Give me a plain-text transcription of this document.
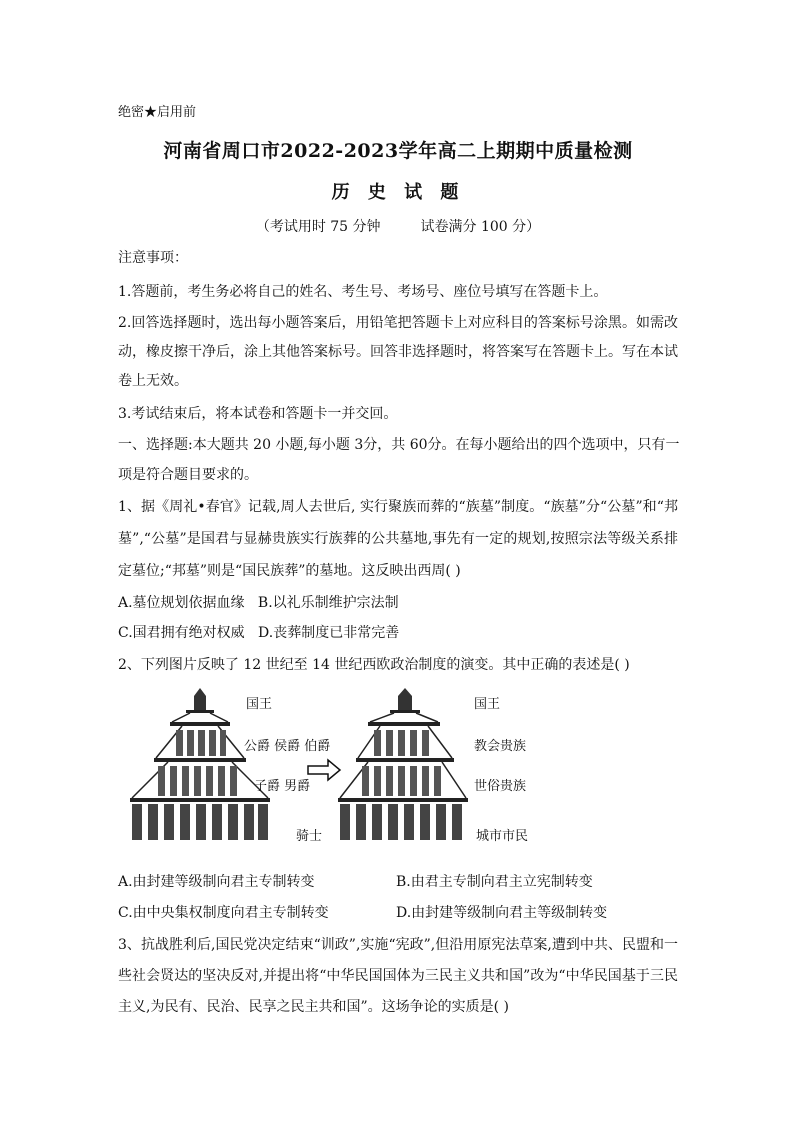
绝密★启用前
河南省周口市2022-2023学年高二上期期中质量检测
历 史 试 题
（考试用时 75 分钟	试卷满分 100 分）
注意事项：
1.答题前，考生务必将自己的姓名、考生号、考场号、座位号填写在答题卡上。
2.回答选择题时，选出每小题答案后，用铅笔把答题卡上对应科目的答案标号涂黑。如需改
动，橡皮擦干净后，涂上其他答案标号。回答非选择题时，将答案写在答题卡上。写在本试
卷上无效。
3.考试结束后，将本试卷和答题卡一并交回。
一、选择题:本大题共 20 小题,每小题 3分，共 60分。在每小题给出的四个选项中，只有一
项是符合题目要求的。
1、据《周礼•春官》记载,周人去世后, 实行聚族而葬的“族墓”制度。“族墓”分“公墓”和“邦
墓”,“公墓”是国君与显赫贵族实行族葬的公共墓地,事先有一定的规划,按照宗法等级关系排
定墓位;“邦墓”则是“国民族葬”的墓地。这反映出西周( )
A.墓位规划依据血缘 B.以礼乐制维护宗法制
C.国君拥有绝对权威 D.丧葬制度已非常完善
2、下列图片反映了 12 世纪至 14 世纪西欧政治制度的演变。其中正确的表述是( )
国王
公爵 侯爵 伯爵
子爵 男爵
骑士
国王
教会贵族
世俗贵族
城市市民
A.由封建等级制向君主专制转变	B.由君主专制向君主立宪制转变
C.由中央集权制度向君主专制转变	D.由封建等级制向君主等级制转变
3、抗战胜利后,国民党决定结束“训政”,实施“宪政”,但沿用原宪法草案,遭到中共、民盟和一
些社会贤达的坚决反对,并提出将“中华民国国体为三民主义共和国”改为“中华民国基于三民
主义,为民有、民治、民享之民主共和国”。这场争论的实质是( )
